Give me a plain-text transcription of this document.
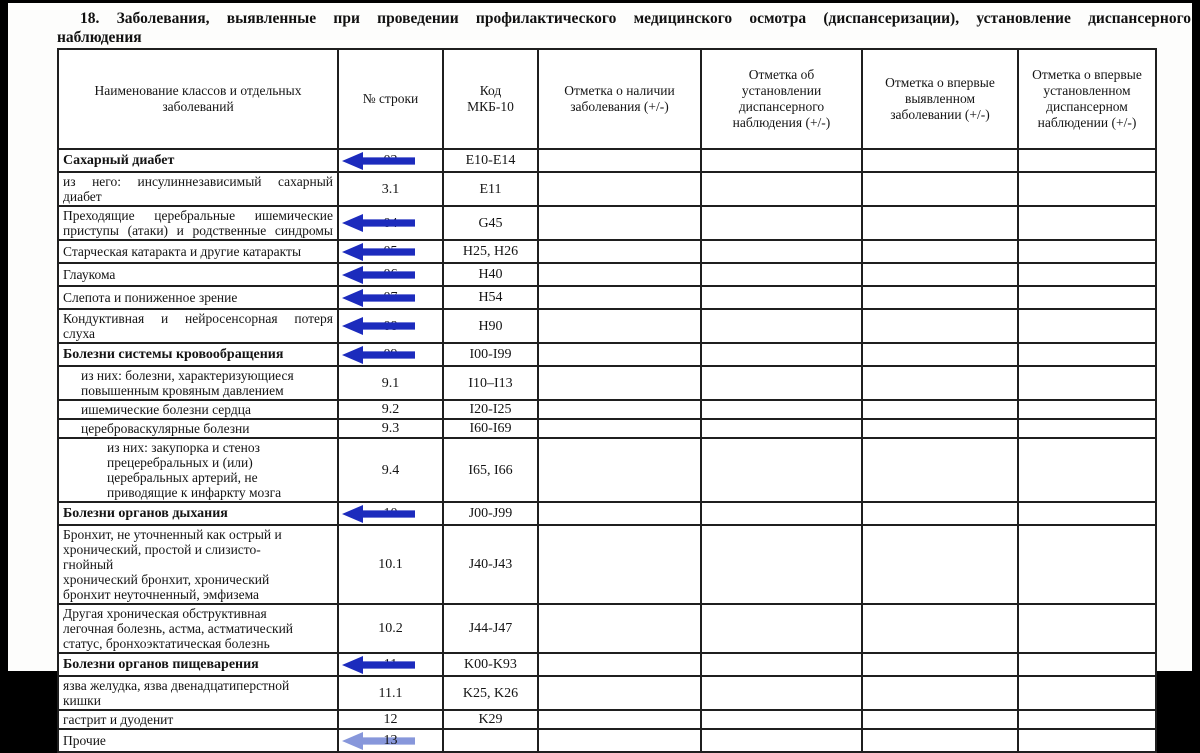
18. Заболевания, выявленные при проведении профилактического медицинского осмотра (диспансеризации), установление диспансерного
наблюдения
Наименование классов и отдельных заболеваний	№ строки	Код
МКБ-10	Отметка о наличии заболевания (+/-)	Отметка об установлении диспансерного наблюдения (+/-)	Отметка о впервые выявленном заболевании (+/-)	Отметка о впервые установленном диспансерном наблюдении (+/-)
Сахарный диабет		E10-E14				
из него: инсулиннезависимый сахарный
диабет	3.1	E11				
Преходящие церебральные ишемические
приступы (атаки) и родственные синдромы		G45				
Старческая катаракта и другие катаракты		H25, H26				
Глаукома		H40				
Слепота и пониженное зрение		H54				
Кондуктивная и нейросенсорная потеря
слуха		H90				
Болезни системы кровообращения		I00-I99				
из них: болезни, характеризующиеся
повышенным кровяным давлением	9.1	I10–I13				
ишемические болезни сердца	9.2	I20-I25				
цереброваскулярные болезни	9.3	I60-I69				
из них: закупорка и стеноз
прецеребральных и (или)
церебральных артерий, не
приводящие к инфаркту мозга	9.4	I65, I66				
Болезни органов дыхания		J00-J99				
Бронхит, не уточненный как острый и
хронический, простой и слизисто-гнойный
хронический бронхит, хронический
бронхит неуточненный, эмфизема	10.1	J40-J43				
Другая хроническая обструктивная
легочная болезнь, астма, астматический
статус, бронхоэктатическая болезнь	10.2	J44-J47				
Болезни органов пищеварения		K00-K93				
язва желудка, язва двенадцатиперстной
кишки	11.1	K25, K26				
гастрит и дуоденит	12	K29				
Прочие	13					
